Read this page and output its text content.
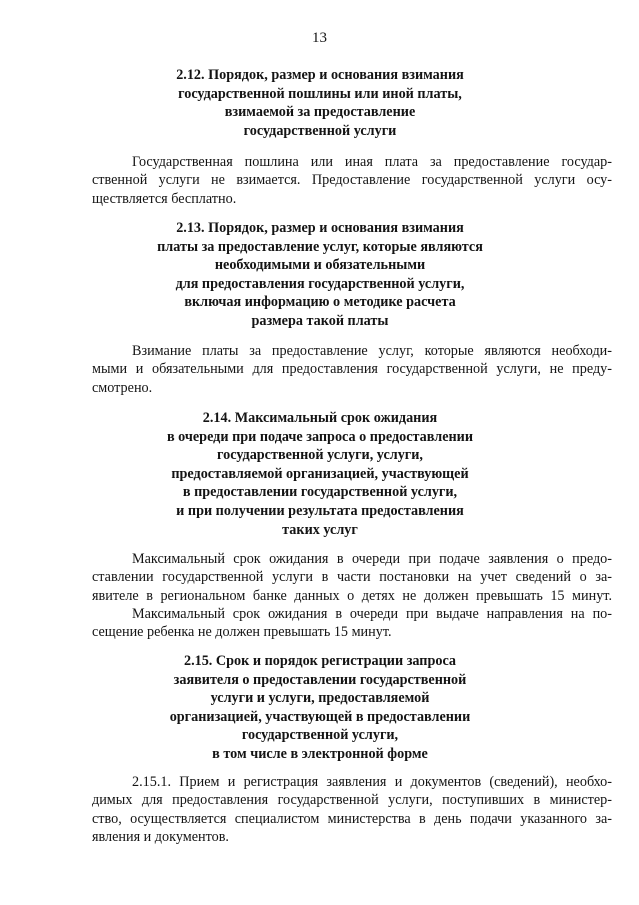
13
2.12. Порядок, размер и основания взимания
государственной пошлины или иной платы,
взимаемой за предоставление
государственной услуги
Государственная пошлина или иная плата за предоставление государ-
ственной услуги не взимается. Предоставление государственной услуги осу-
ществляется бесплатно.
2.13. Порядок, размер и основания взимания
платы за предоставление услуг, которые являются
необходимыми и обязательными
для предоставления государственной услуги,
включая информацию о методике расчета
размера такой платы
Взимание платы за предоставление услуг, которые являются необходи-
мыми и обязательными для предоставления государственной услуги, не преду-
смотрено.
2.14. Максимальный срок ожидания
в очереди при подаче запроса о предоставлении
государственной услуги, услуги,
предоставляемой организацией, участвующей
в предоставлении государственной услуги,
и при получении результата предоставления
таких услуг
Максимальный срок ожидания в очереди при подаче заявления о предо-
ставлении государственной услуги в части постановки на учет сведений о за-
явителе в региональном банке данных о детях не должен превышать 15 минут.
Максимальный срок ожидания в очереди при выдаче направления на по-
сещение ребенка не должен превышать 15 минут.
2.15. Срок и порядок регистрации запроса
заявителя о предоставлении государственной
услуги и услуги, предоставляемой
организацией, участвующей в предоставлении
государственной услуги,
в том числе в электронной форме
2.15.1. Прием и регистрация заявления и документов (сведений), необхо-
димых для предоставления государственной услуги, поступивших в министер-
ство, осуществляется специалистом министерства в день подачи указанного за-
явления и документов.
